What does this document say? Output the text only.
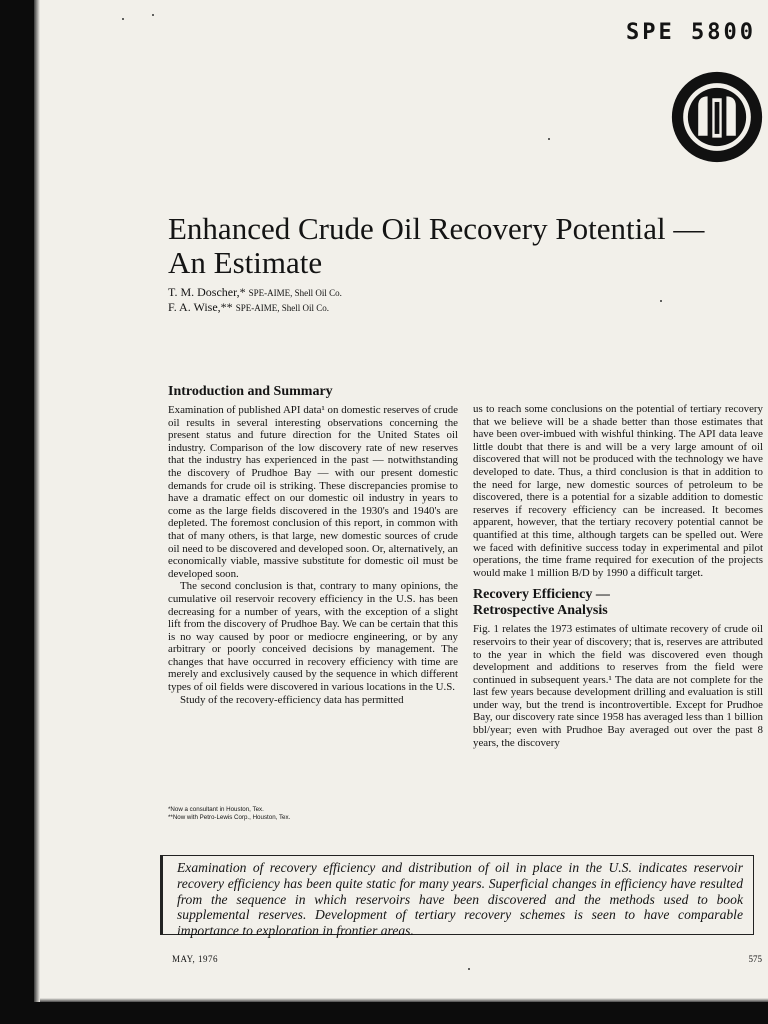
SPE 5800
Enhanced Crude Oil Recovery Potential —
An Estimate
T. M. Doscher,* SPE-AIME, Shell Oil Co.
F. A. Wise,** SPE-AIME, Shell Oil Co.
Introduction and Summary

Examination of published API data¹ on domestic reserves of crude oil results in several interesting observations concerning the present status and future direction for the United States oil industry. Comparison of the low discovery rate of new reserves that the industry has experienced in the past — notwithstanding the discovery of Prudhoe Bay — with our present domestic demands for crude oil is striking. These discrepancies promise to have a dramatic effect on our domestic oil industry in years to come as the large fields discovered in the 1930's and 1940's are depleted. The foremost conclusion of this report, in common with that of many others, is that large, new domestic sources of crude oil need to be discovered and developed soon. Or, alternatively, an economically viable, massive substitute for domestic oil must be developed soon.

The second conclusion is that, contrary to many opinions, the cumulative oil reservoir recovery efficiency in the U.S. has been decreasing for a number of years, with the exception of a slight lift from the discovery of Prudhoe Bay. We can be certain that this is no way caused by poor or mediocre engineering, or by any arbitrary or poorly conceived decisions by management. The changes that have occurred in recovery efficiency with time are merely and exclusively caused by the sequence in which different types of oil fields were discovered in various locations in the U.S.

Study of the recovery-efficiency data has permitted

us to reach some conclusions on the potential of tertiary recovery that we believe will be a shade better than those estimates that have been over-imbued with wishful thinking. The API data leave little doubt that there is and will be a very large amount of oil discovered that will not be produced with the technology we have developed to date. Thus, a third conclusion is that in addition to the need for large, new domestic sources of petroleum to be discovered, there is a potential for a sizable addition to domestic reserves if recovery efficiency can be increased. It becomes apparent, however, that the tertiary recovery potential cannot be quantified at this time, although targets can be spelled out. Were we faced with definitive success today in experimental and pilot operations, the time frame required for execution of the projects would make 1 million B/D by 1990 a difficult target.

Recovery Efficiency —
Retrospective Analysis

Fig. 1 relates the 1973 estimates of ultimate recovery of crude oil reservoirs to their year of discovery; that is, reserves are attributed to the year in which the field was discovered even though development and additions to reserves from the field were continued in subsequent years.¹ The data are not complete for the last few years because development drilling and evaluation is still under way, but the trend is incontrovertible. Except for Prudhoe Bay, our discovery rate since 1958 has averaged less than 1 billion bbl/year; even with Prudhoe Bay averaged out over the past 8 years, the discovery

*Now a consultant in Houston, Tex.
**Now with Petro-Lewis Corp., Houston, Tex.
Examination of recovery efficiency and distribution of oil in place in the U.S. indicates reservoir recovery efficiency has been quite static for many years. Superficial changes in efficiency have resulted from the sequence in which reservoirs have been discovered and the methods used to book supplemental reserves. Development of tertiary recovery schemes is seen to have comparable importance to exploration in frontier areas.
MAY, 1976	575
